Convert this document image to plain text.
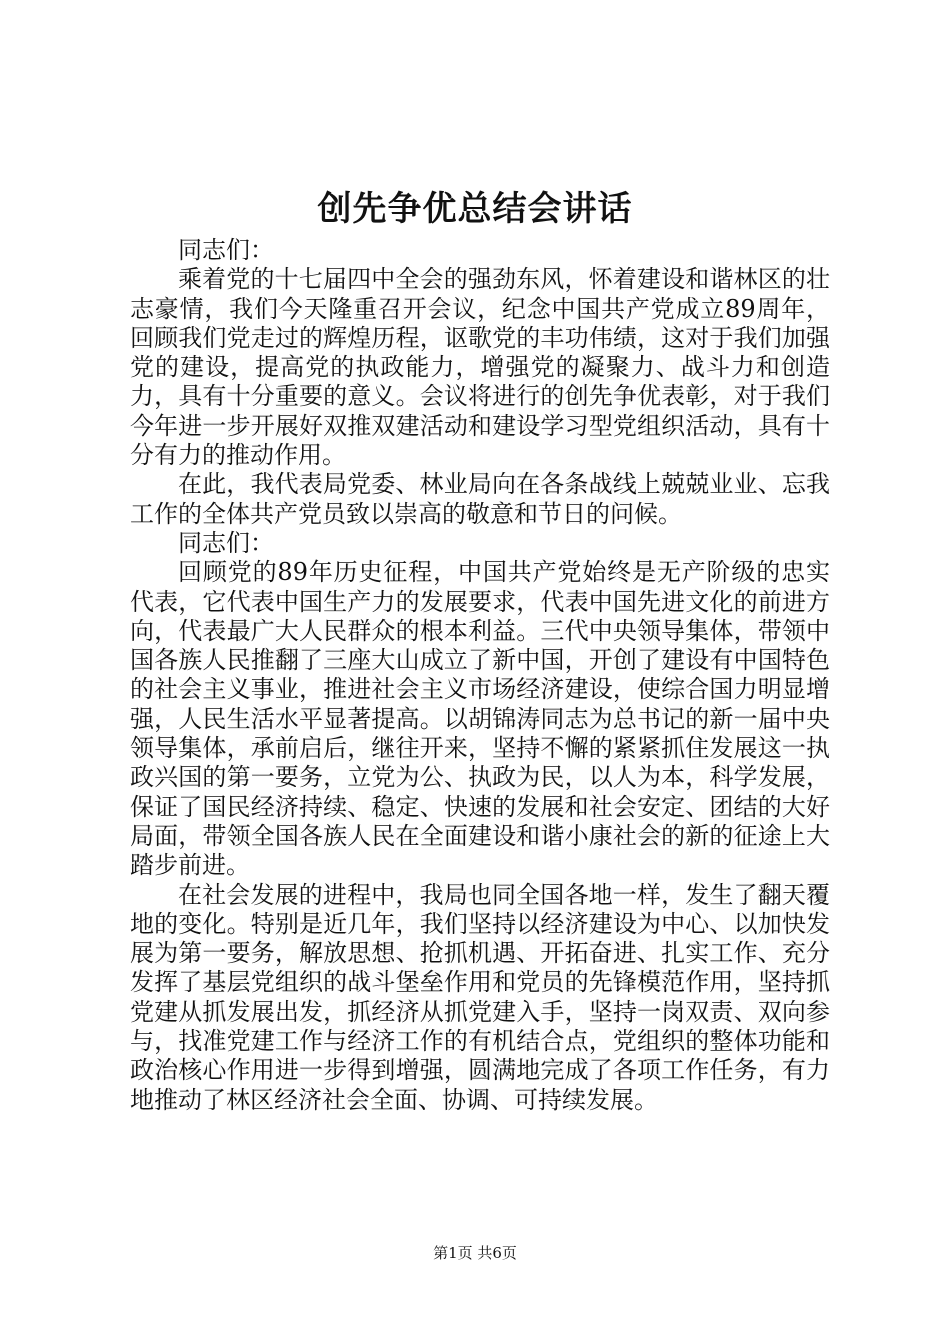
创先争优总结会讲话

同志们：

乘着党的十七届四中全会的强劲东风，怀着建设和谐林区的壮志豪情，我们今天隆重召开会议，纪念中国共产党成立89周年，回顾我们党走过的辉煌历程，讴歌党的丰功伟绩，这对于我们加强党的建设，提高党的执政能力，增强党的凝聚力、战斗力和创造力，具有十分重要的意义。会议将进行的创先争优表彰，对于我们今年进一步开展好双推双建活动和建设学习型党组织活动，具有十分有力的推动作用。

在此，我代表局党委、林业局向在各条战线上兢兢业业、忘我工作的全体共产党员致以崇高的敬意和节日的问候。

同志们：

回顾党的89年历史征程，中国共产党始终是无产阶级的忠实代表，它代表中国生产力的发展要求，代表中国先进文化的前进方向，代表最广大人民群众的根本利益。三代中央领导集体，带领中国各族人民推翻了三座大山成立了新中国，开创了建设有中国特色的社会主义事业，推进社会主义市场经济建设，使综合国力明显增强，人民生活水平显著提高。以胡锦涛同志为总书记的新一届中央领导集体，承前启后，继往开来，坚持不懈的紧紧抓住发展这一执政兴国的第一要务，立党为公、执政为民，以人为本，科学发展，保证了国民经济持续、稳定、快速的发展和社会安定、团结的大好局面，带领全国各族人民在全面建设和谐小康社会的新的征途上大踏步前进。

在社会发展的进程中，我局也同全国各地一样，发生了翻天覆地的变化。特别是近几年，我们坚持以经济建设为中心、以加快发展为第一要务，解放思想、抢抓机遇、开拓奋进、扎实工作、充分发挥了基层党组织的战斗堡垒作用和党员的先锋模范作用，坚持抓党建从抓发展出发，抓经济从抓党建入手，坚持一岗双责、双向参与，找准党建工作与经济工作的有机结合点，党组织的整体功能和政治核心作用进一步得到增强，圆满地完成了各项工作任务，有力地推动了林区经济社会全面、协调、可持续发展。

第1页 共6页
